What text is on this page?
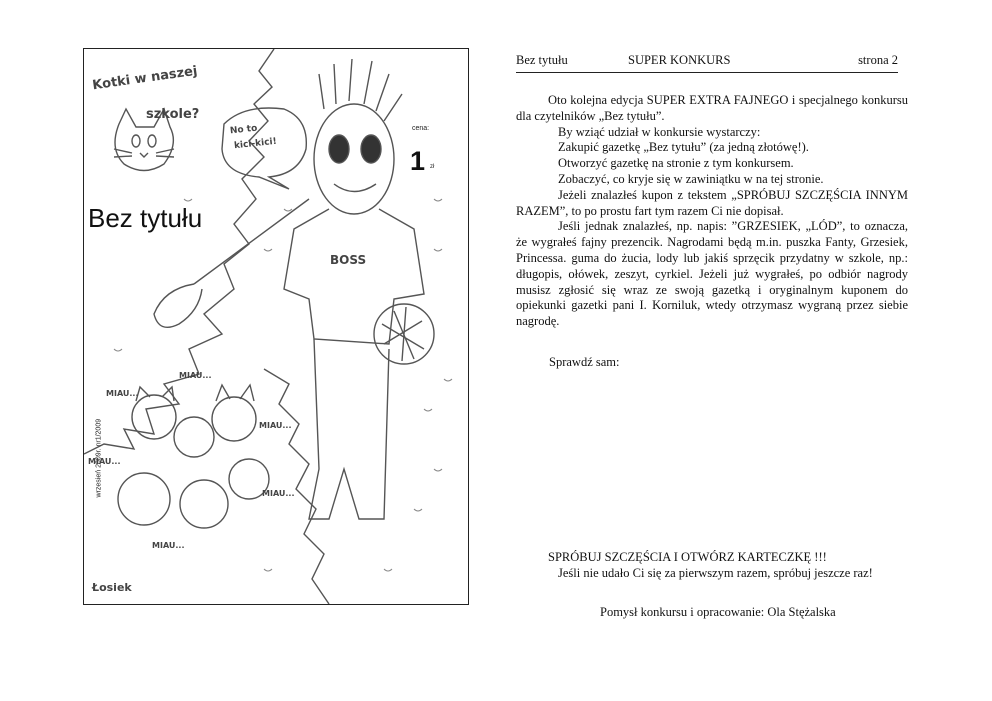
Kotki w naszej
szkole?
No to
kici-kici!
Bez tytułu
cena:
1 zł
wrzesień 2009r. nr1/2009
BOSS
MIAU...
MIAU...
MIAU...
MIAU...
MIAU...
MIAU...
Łosiek
Bez tytułu	SUPER KONKURS	strona 2

Oto kolejna edycja SUPER EXTRA FAJNEGO i specjalnego konkursu dla czytelników „Bez tytułu”.

By wziąć udział w konkursie wystarczy:

Zakupić gazetkę „Bez tytułu” (za jedną złotówę!).

Otworzyć gazetkę na stronie z tym konkursem.

Zobaczyć, co kryje się w zawiniątku w na tej stronie.

Jeżeli znalazłeś kupon z tekstem „SPRÓBUJ SZCZĘŚCIA INNYM RAZEM”, to po prostu fart tym razem Ci nie dopisał.

Jeśli jednak znalazłeś, np. napis: ”GRZESIEK, „LÓD”, to oznacza, że wygrałeś fajny prezencik. Nagrodami będą m.in. puszka Fanty, Grzesiek, Princessa. guma do żucia, lody lub jakiś sprzęcik przydatny w szkole, np.: długopis, ołówek, zeszyt, cyrkiel. Jeżeli już wygrałeś, po odbiór nagrody musisz zgłosić się wraz ze swoją gazetką i oryginalnym kuponem do opiekunki gazetki pani I. Korniluk, wtedy otrzymasz wygraną przez siebie nagrodę.

Sprawdź sam:

SPRÓBUJ SZCZĘŚCIA I OTWÓRZ KARTECZKĘ !!!

Jeśli nie udało Ci się za pierwszym razem, spróbuj jeszcze raz!

Pomysł konkursu i opracowanie: Ola Stężalska
